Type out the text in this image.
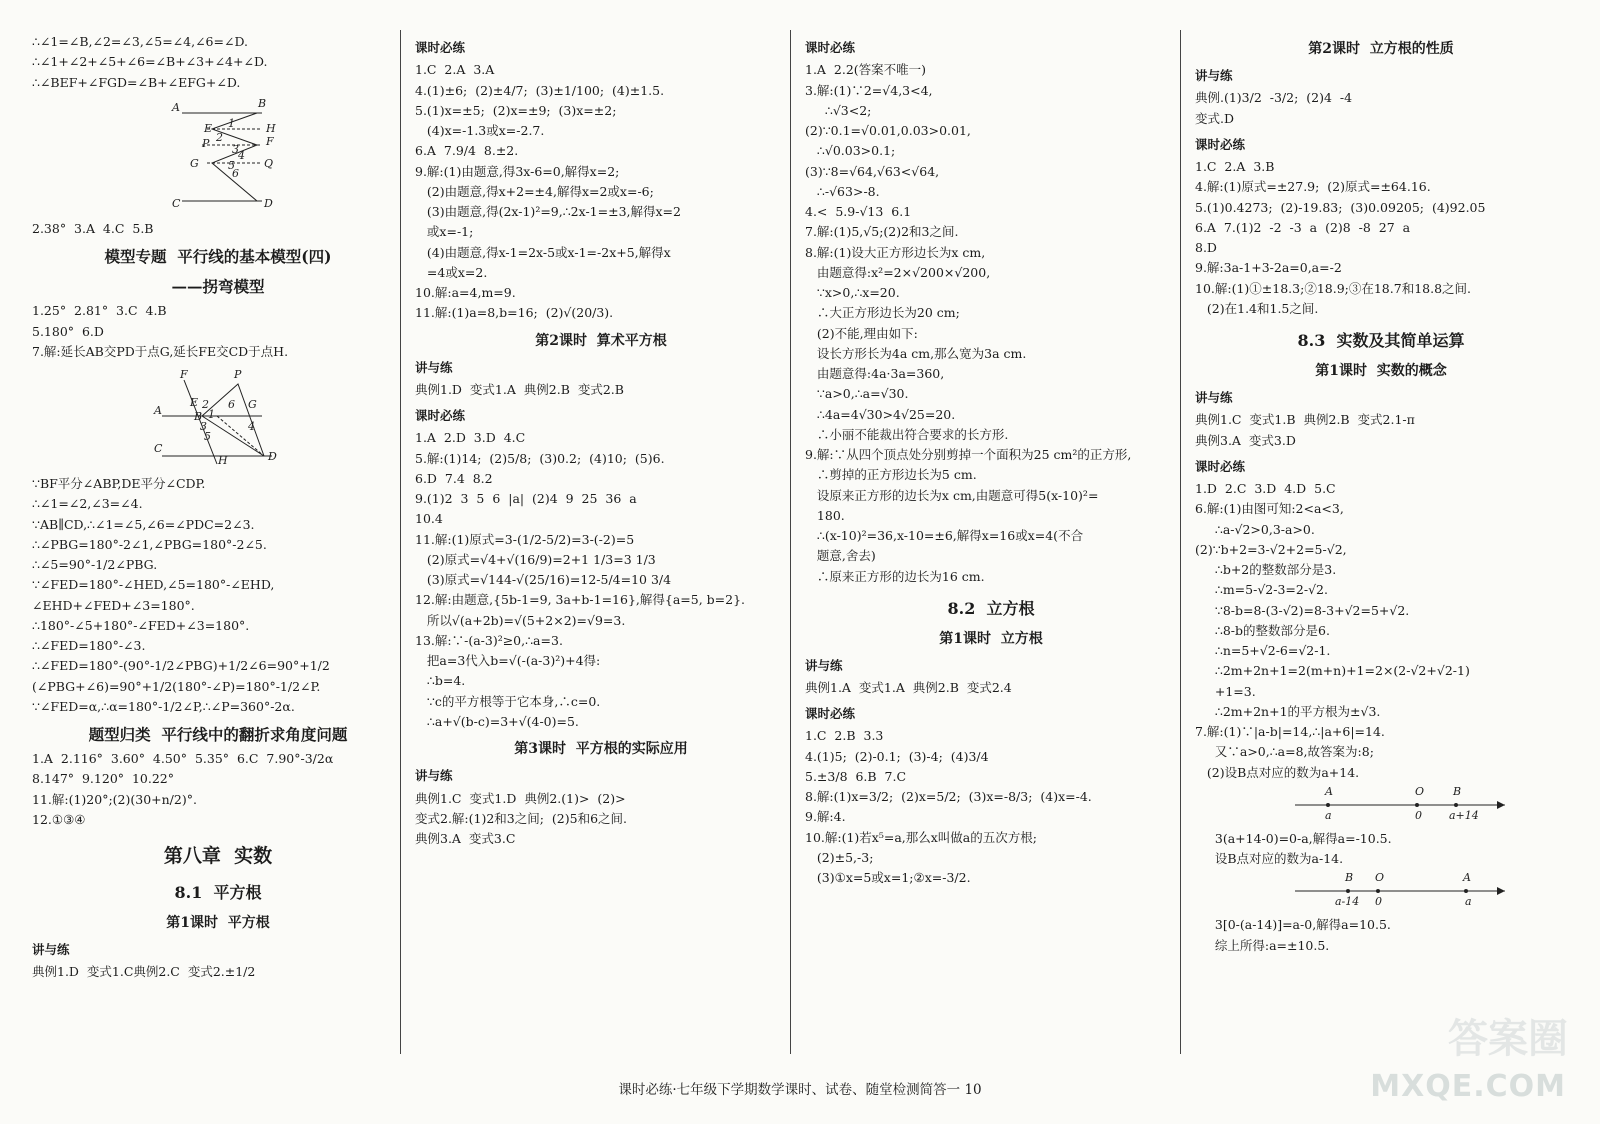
∴∠1=∠B,∠2=∠3,∠5=∠4,∠6=∠D.
∴∠1+∠2+∠5+∠6=∠B+∠3+∠4+∠D.
∴∠BEF+∠FGD=∠B+∠EFG+∠D.
A	B
E	H
F
P
G	Q
C	D
1
2
3 4
5
6
2.38°  3.A  4.C  5.B
模型专题  平行线的基本模型(四)
——拐弯模型
1.25°  2.81°  3.C  4.B
5.180°  6.D
7.解:延长AB交PD于点G,延长FE交CD于点H.
F	P
E
B
A	G
2
1
6
3	4
5
C
H	D
∵BF平分∠ABP,DE平分∠CDP.
∴∠1=∠2,∠3=∠4.
∵AB∥CD,∴∠1=∠5,∠6=∠PDC=2∠3.
∴∠PBG=180°-2∠1,∠PBG=180°-2∠5.
∴∠5=90°-1/2∠PBG.
∵∠FED=180°-∠HED,∠5=180°-∠EHD,
∠EHD+∠FED+∠3=180°.
∴180°-∠5+180°-∠FED+∠3=180°.
∴∠FED=180°-∠3.
∴∠FED=180°-(90°-1/2∠PBG)+1/2∠6=90°+1/2
(∠PBG+∠6)=90°+1/2(180°-∠P)=180°-1/2∠P.
∵∠FED=α,∴α=180°-1/2∠P,∴∠P=360°-2α.
题型归类  平行线中的翻折求角度问题
1.A  2.116°  3.60°  4.50°  5.35°  6.C  7.90°-3/2α
8.147°  9.120°  10.22°
11.解:(1)20°;(2)(30+n/2)°.
12.①③④
第八章  实数
8.1  平方根
第1课时  平方根
讲与练
典例1.D  变式1.C典例2.C  变式2.±1/2
课时必练
1.C  2.A  3.A
4.(1)±6;  (2)±4/7;  (3)±1/100;  (4)±1.5.
5.(1)x=±5;  (2)x=±9;  (3)x=±2;
(4)x=-1.3或x=-2.7.
6.A  7.9/4  8.±2.
9.解:(1)由题意,得3x-6=0,解得x=2;
(2)由题意,得x+2=±4,解得x=2或x=-6;
(3)由题意,得(2x-1)²=9,∴2x-1=±3,解得x=2
或x=-1;
(4)由题意,得x-1=2x-5或x-1=-2x+5,解得x
=4或x=2.
10.解:a=4,m=9.
11.解:(1)a=8,b=16;  (2)√(20/3).
第2课时  算术平方根
讲与练
典例1.D  变式1.A  典例2.B  变式2.B
课时必练
1.A  2.D  3.D  4.C
5.解:(1)14;  (2)5/8;  (3)0.2;  (4)10;  (5)6.
6.D  7.4  8.2
9.(1)2  3  5  6  |a|  (2)4  9  25  36  a
10.4
11.解:(1)原式=3-(1/2-5/2)=3-(-2)=5
(2)原式=√4+√(16/9)=2+1 1/3=3 1/3
(3)原式=√144-√(25/16)=12-5/4=10 3/4
12.解:由题意,{5b-1=9, 3a+b-1=16},解得{a=5, b=2}.
所以√(a+2b)=√(5+2×2)=√9=3.
13.解:∵-(a-3)²≥0,∴a=3.
把a=3代入b=√(-(a-3)²)+4得:
∴b=4.
∵c的平方根等于它本身,∴c=0.
∴a+√(b-c)=3+√(4-0)=5.
第3课时  平方根的实际应用
讲与练
典例1.C  变式1.D  典例2.(1)>  (2)>
变式2.解:(1)2和3之间;  (2)5和6之间.
典例3.A  变式3.C
课时必练
1.A  2.2(答案不唯一)
3.解:(1)∵2=√4,3<4,
∴√3<2;
(2)∵0.1=√0.01,0.03>0.01,
∴√0.03>0.1;
(3)∵8=√64,√63<√64,
∴-√63>-8.
4.<  5.9-√13  6.1
7.解:(1)5,√5;(2)2和3之间.
8.解:(1)设大正方形边长为x cm,
由题意得:x²=2×√200×√200,
∵x>0,∴x=20.
∴大正方形边长为20 cm;
(2)不能,理由如下:
设长方形长为4a cm,那么宽为3a cm.
由题意得:4a·3a=360,
∵a>0,∴a=√30.
∴4a=4√30>4√25=20.
∴小丽不能裁出符合要求的长方形.
9.解:∵从四个顶点处分别剪掉一个面积为25 cm²的正方形,
∴剪掉的正方形边长为5 cm.
设原来正方形的边长为x cm,由题意可得5(x-10)²=
180.
∴(x-10)²=36,x-10=±6,解得x=16或x=4(不合
题意,舍去)
∴原来正方形的边长为16 cm.
8.2  立方根
第1课时  立方根
讲与练
典例1.A  变式1.A  典例2.B  变式2.4
课时必练
1.C  2.B  3.3
4.(1)5;  (2)-0.1;  (3)-4;  (4)3/4
5.±3/8  6.B  7.C
8.解:(1)x=3/2;  (2)x=5/2;  (3)x=-8/3;  (4)x=-4.
9.解:4.
10.解:(1)若x⁵=a,那么x叫做a的五次方根;
(2)±5,-3;
(3)①x=5或x=1;②x=-3/2.
第2课时  立方根的性质
讲与练
典例.(1)3/2  -3/2;  (2)4  -4
变式.D
课时必练
1.C  2.A  3.B
4.解:(1)原式=±27.9;  (2)原式=±64.16.
5.(1)0.4273;  (2)-19.83;  (3)0.09205;  (4)92.05
6.A  7.(1)2  -2  -3  a  (2)8  -8  27  a
8.D
9.解:3a-1+3-2a=0,a=-2
10.解:(1)①±18.3;②18.9;③在18.7和18.8之间.
(2)在1.4和1.5之间.
8.3  实数及其简单运算
第1课时  实数的概念
讲与练
典例1.C  变式1.B  典例2.B  变式2.1-π
典例3.A  变式3.D
课时必练
1.D  2.C  3.D  4.D  5.C
6.解:(1)由图可知:2<a<3,
∴a-√2>0,3-a>0.
(2)∵b+2=3-√2+2=5-√2,
∴b+2的整数部分是3.
∴m=5-√2-3=2-√2.
∵8-b=8-(3-√2)=8-3+√2=5+√2.
∴8-b的整数部分是6.
∴n=5+√2-6=√2-1.
∴2m+2n+1=2(m+n)+1=2×(2-√2+√2-1)
+1=3.
∴2m+2n+1的平方根为±√3.
7.解:(1)∵|a-b|=14,∴|a+6|=14.
又∵a>0,∴a=8,故答案为:8;
(2)设B点对应的数为a+14.
A	O	B
a	0 a+14
3(a+14-0)=0-a,解得a=-10.5.
设B点对应的数为a-14.
B O	A
a-14 0	a
3[0-(a-14)]=a-0,解得a=10.5.
综上所得:a=±10.5.
课时必练·七年级下学期数学课时、试卷、随堂检测简答一 10
答案圈
MXQE.COM
